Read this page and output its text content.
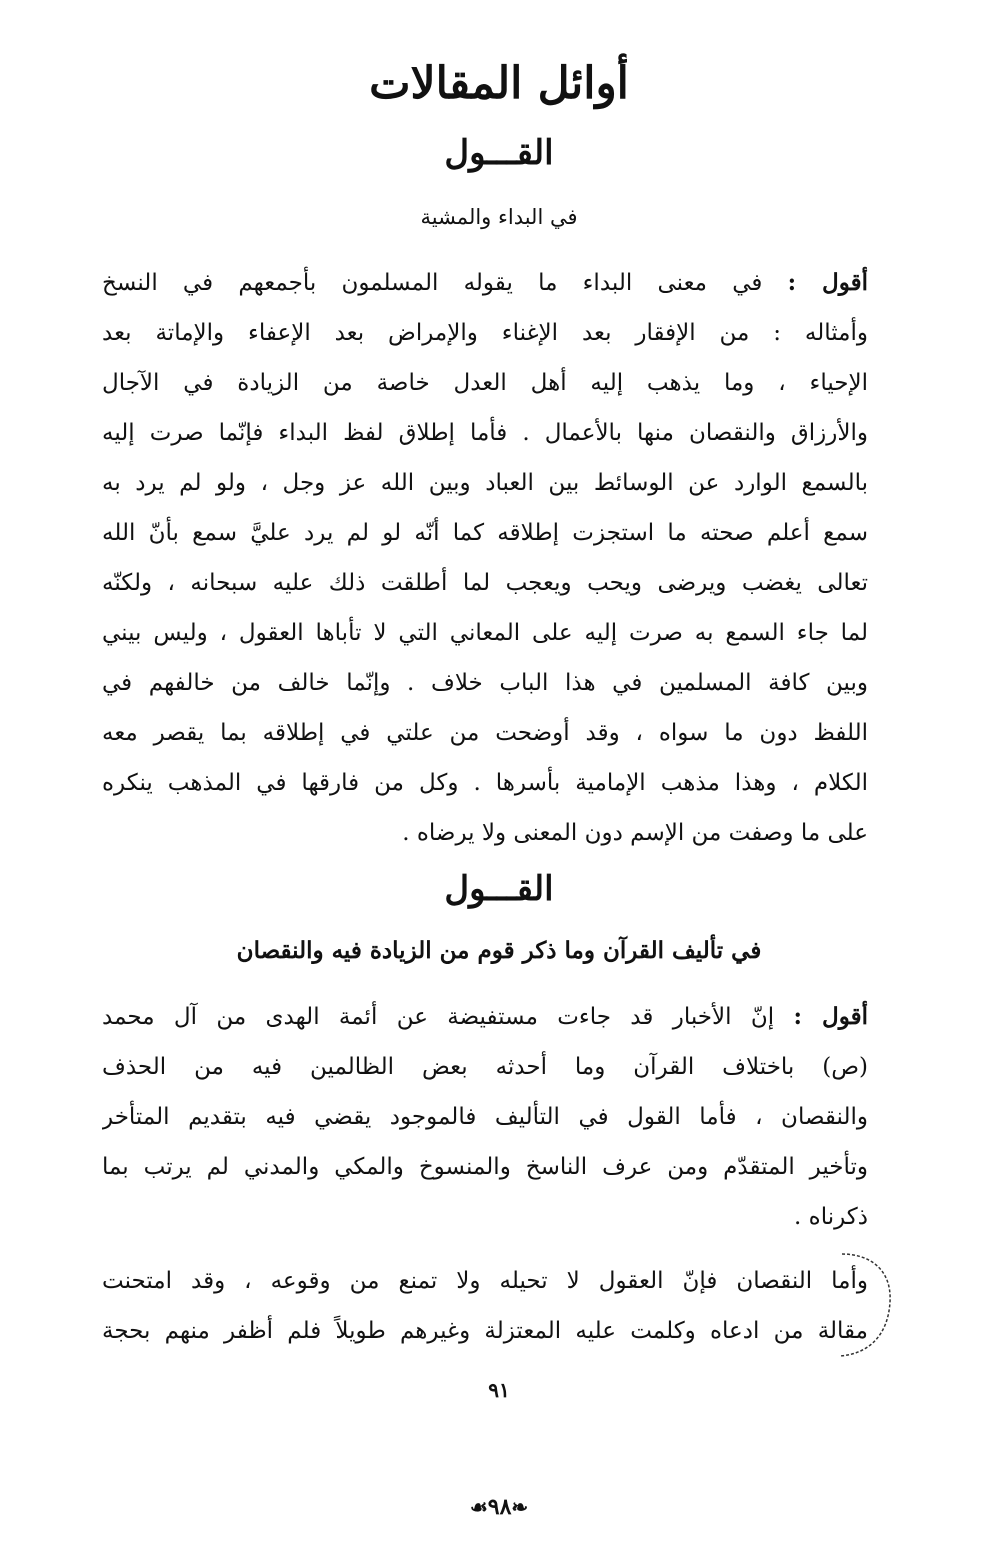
أوائل المقالات
القـــول
في البداء والمشية
أقول : في معنى البداء ما يقوله المسلمون بأجمعهم في النسخ
وأمثاله : من الإفقار بعد الإغناء والإمراض بعد الإعفاء والإماتة بعد
الإحياء ، وما يذهب إليه أهل العدل خاصة من الزيادة في الآجال
والأرزاق والنقصان منها بالأعمال . فأما إطلاق لفظ البداء فإنّما صرت إليه
بالسمع الوارد عن الوسائط بين العباد وبين الله عز وجل ، ولو لم يرد به
سمع أعلم صحته ما استجزت إطلاقه كما أنّه لو لم يرد عليَّ سمع بأنّ الله
تعالى يغضب ويرضى ويحب ويعجب لما أطلقت ذلك عليه سبحانه ، ولكنّه
لما جاء السمع به صرت إليه على المعاني التي لا تأباها العقول ، وليس بيني
وبين كافة المسلمين في هذا الباب خلاف . وإنّما خالف من خالفهم في
اللفظ دون ما سواه ، وقد أوضحت من علتي في إطلاقه بما يقصر معه
الكلام ، وهذا مذهب الإمامية بأسرها . وكل من فارقها في المذهب ينكره
على ما وصفت من الإسم دون المعنى ولا يرضاه .
القـــول
في تأليف القرآن وما ذكر قوم من الزيادة فيه والنقصان
أقول : إنّ الأخبار قد جاءت مستفيضة عن أئمة الهدى من آل محمد
(ص) باختلاف القرآن وما أحدثه بعض الظالمين فيه من الحذف
والنقصان ، فأما القول في التأليف فالموجود يقضي فيه بتقديم المتأخر
وتأخير المتقدّم ومن عرف الناسخ والمنسوخ والمكي والمدني لم يرتب بما
ذكرناه .
وأما النقصان فإنّ العقول لا تحيله ولا تمنع من وقوعه ، وقد امتحنت
مقالة من ادعاه وكلمت عليه المعتزلة وغيرهم طويلاً فلم أظفر منهم بحجة
٩١
❧٩٨☙
